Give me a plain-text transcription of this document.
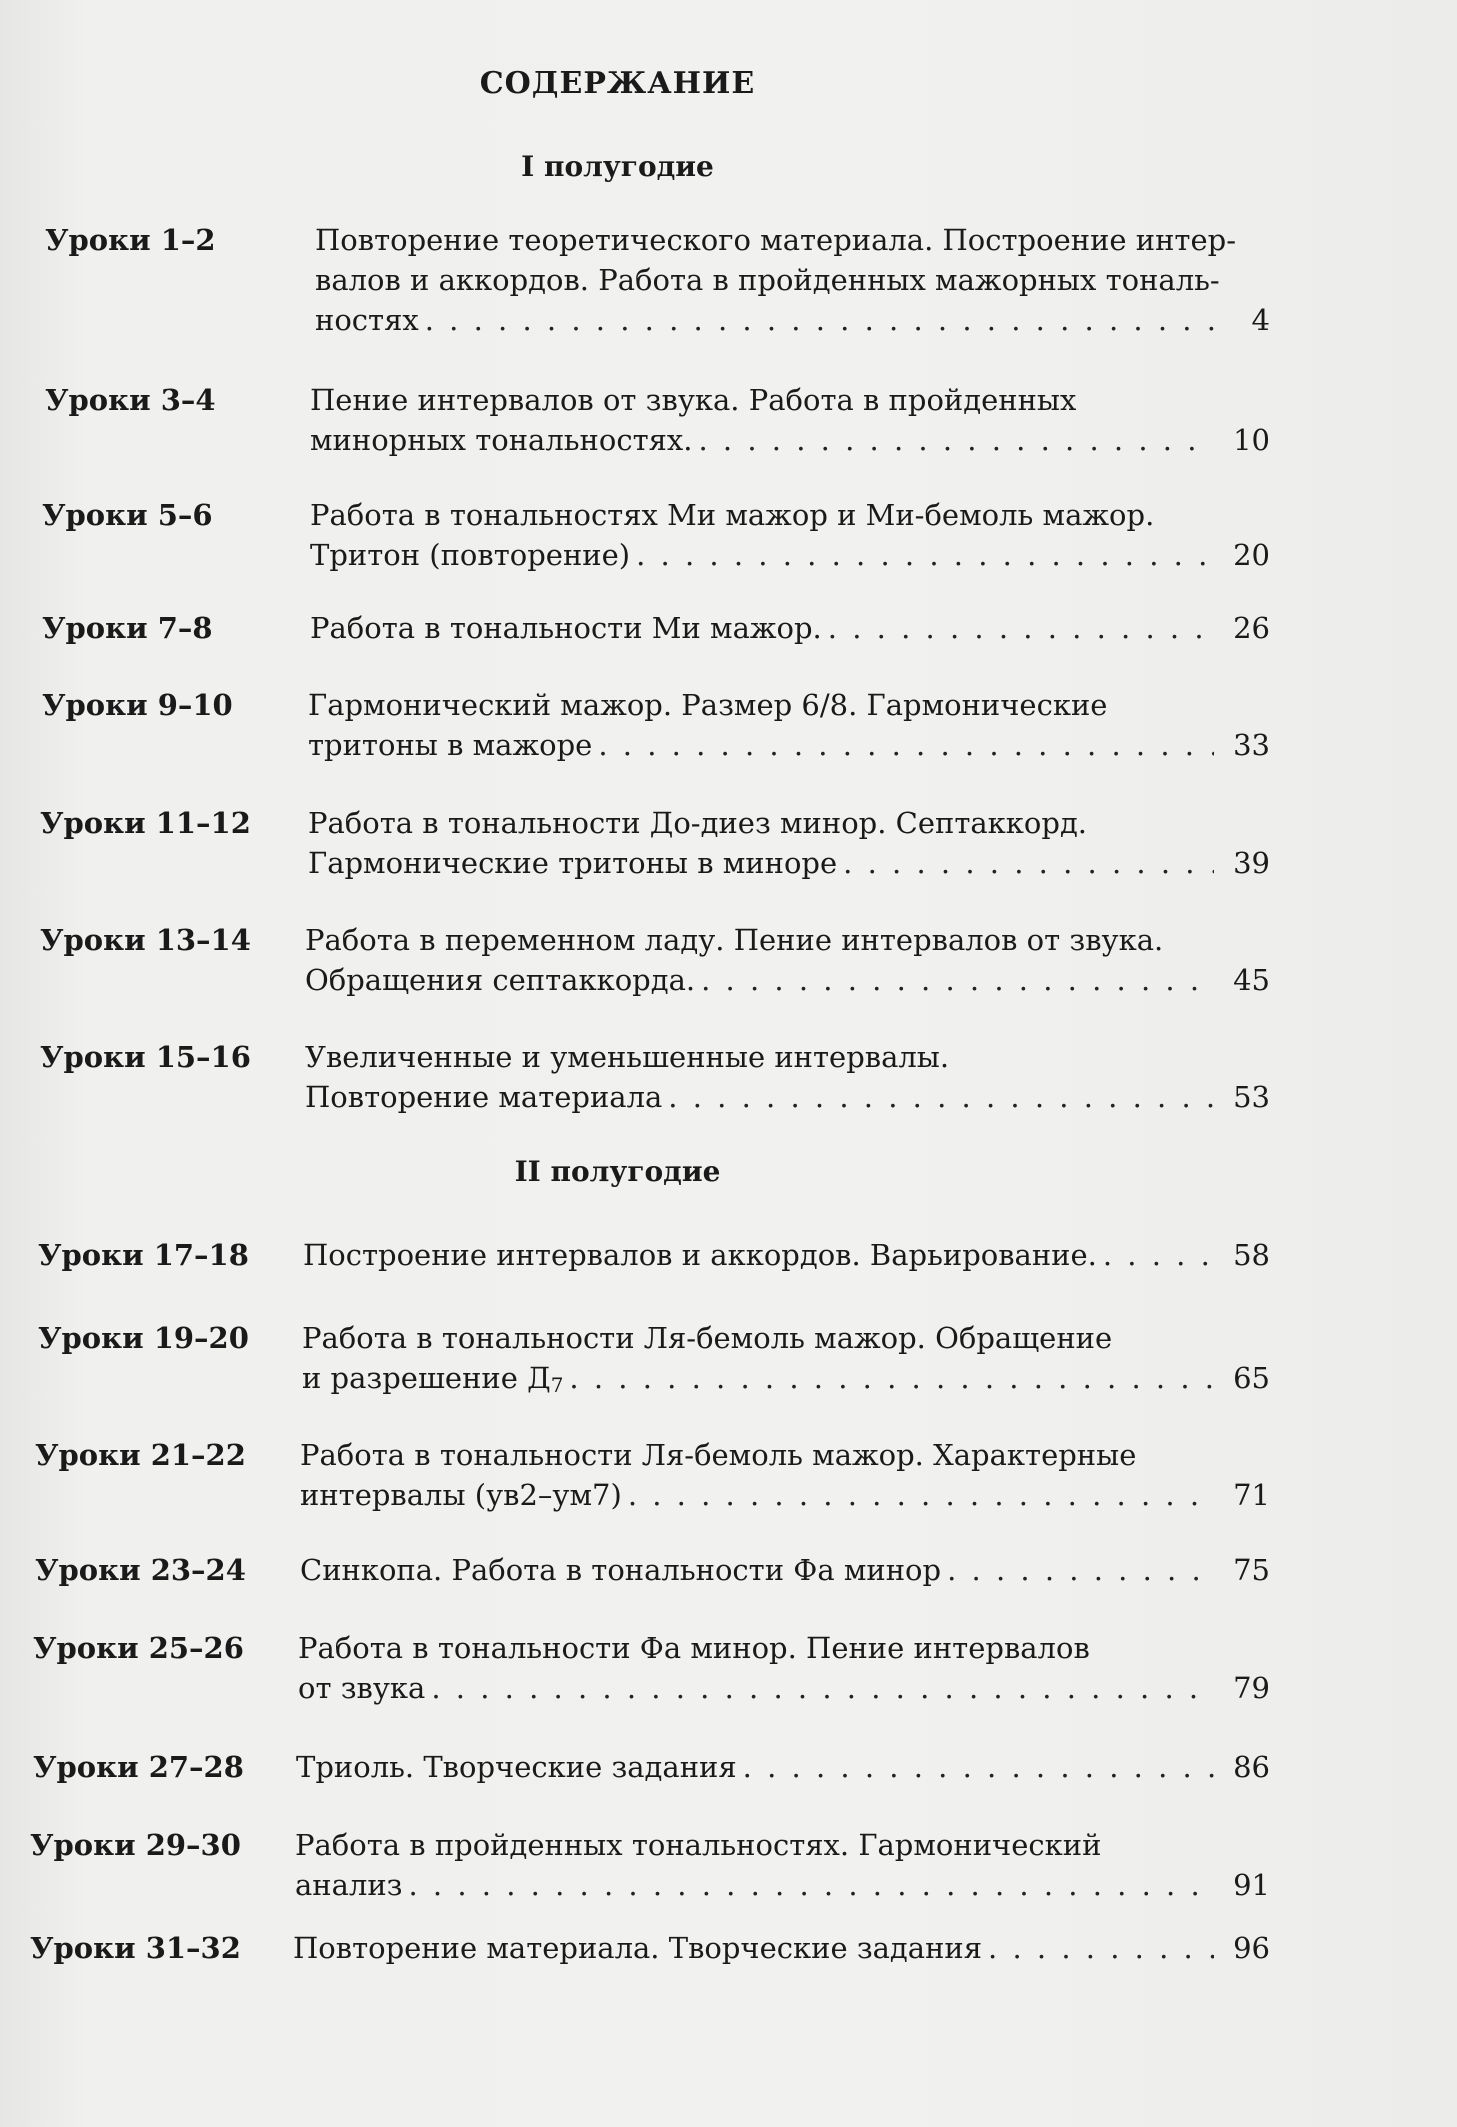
СОДЕРЖАНИЕ
I полугодие
Уроки 1–2	Повторение теоретического материала. Построение интер-
валов и аккордов. Работа в пройденных мажорных тональ-
ностях . . .	4
Уроки 3–4	Пение интервалов от звука. Работа в пройденных
минорных тональностях. . . .	10
Уроки 5–6	Работа в тональностях Ми мажор и Ми-бемоль мажор.
Тритон (повторение) . . .	20
Уроки 7–8	Работа в тональности Ми мажор. . . .	26
Уроки 9–10	Гармонический мажор. Размер 6/8. Гармонические
тритоны в мажоре . . .	33
Уроки 11–12 Работа в тональности До-диез минор. Септаккорд.
Гармонические тритоны в миноре . . .	39
Уроки 13–14 Работа в переменном ладу. Пение интервалов от звука.
Обращения септаккорда. . . .	45
Уроки 15–16 Увеличенные и уменьшенные интервалы.
Повторение материала . . .	53
II полугодие
Уроки 17–18 Построение интервалов и аккордов. Варьирование. . . .	58
Уроки 19–20 Работа в тональности Ля-бемоль мажор. Обращение
и разрешение $Д_7$ . . .	65
Уроки 21–22 Работа в тональности Ля-бемоль мажор. Характерные
интервалы (ув2–ум7) . . .	71
Уроки 23–24 Синкопа. Работа в тональности Фа минор . . .	75
Уроки 25–26 Работа в тональности Фа минор. Пение интервалов
от звука . . .	79
Уроки 27–28 Триоль. Творческие задания . . .	86
Уроки 29–30 Работа в пройденных тональностях. Гармонический
анализ . . .	91
Уроки 31–32 Повторение материала. Творческие задания . . .	96
